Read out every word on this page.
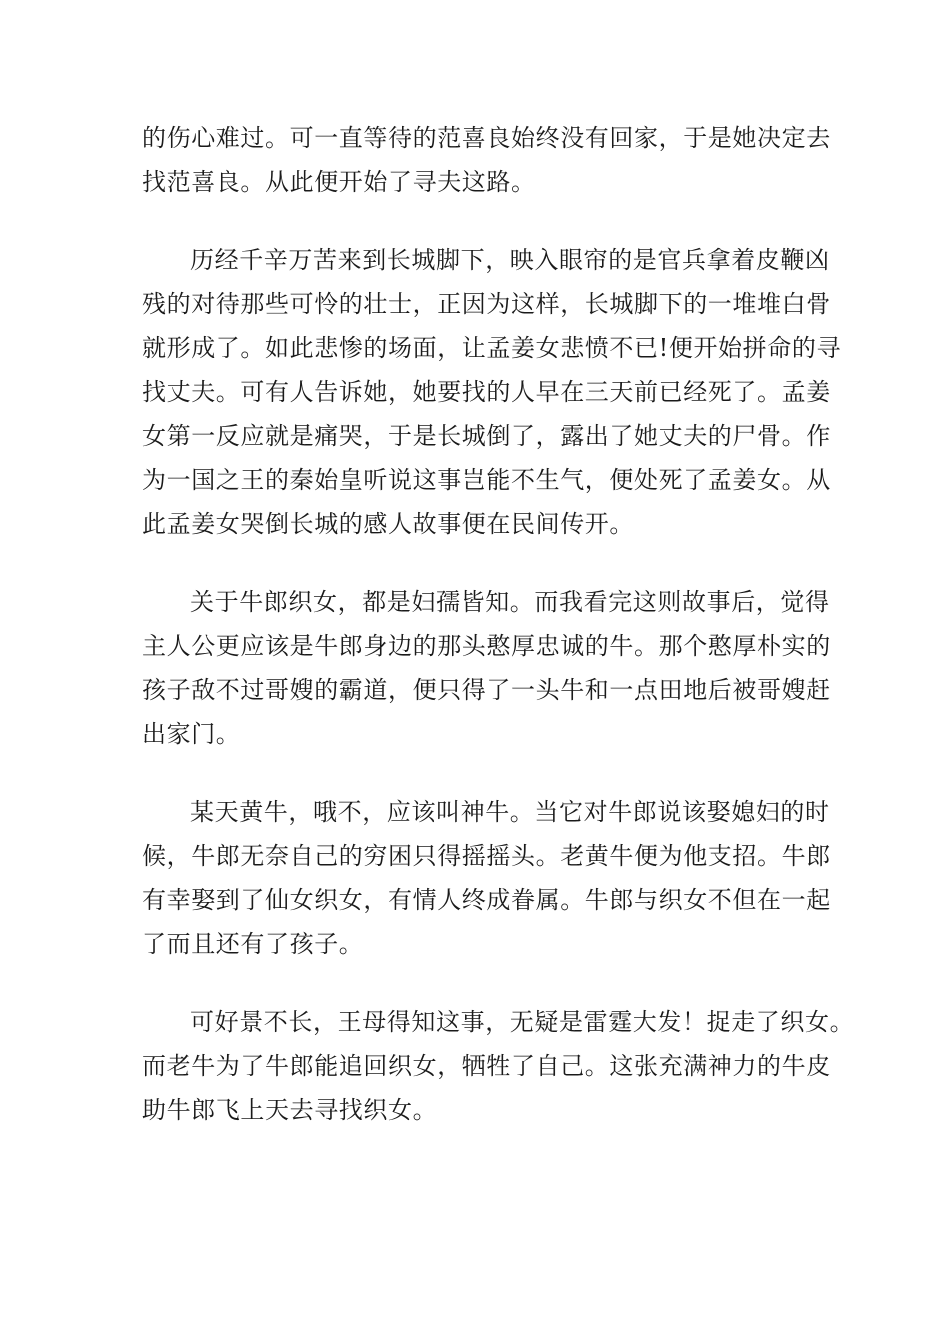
的伤心难过。可一直等待的范喜良始终没有回家，于是她决定去
找范喜良。从此便开始了寻夫这路。

历经千辛万苦来到长城脚下，映入眼帘的是官兵拿着皮鞭凶
残的对待那些可怜的壮士，正因为这样，长城脚下的一堆堆白骨
就形成了。如此悲惨的场面，让孟姜女悲愤不已!便开始拼命的寻
找丈夫。可有人告诉她，她要找的人早在三天前已经死了。孟姜
女第一反应就是痛哭，于是长城倒了，露出了她丈夫的尸骨。作
为一国之王的秦始皇听说这事岂能不生气，便处死了孟姜女。从
此孟姜女哭倒长城的感人故事便在民间传开。

关于牛郎织女，都是妇孺皆知。而我看完这则故事后，觉得
主人公更应该是牛郎身边的那头憨厚忠诚的牛。那个憨厚朴实的
孩子敌不过哥嫂的霸道，便只得了一头牛和一点田地后被哥嫂赶
出家门。

某天黄牛，哦不，应该叫神牛。当它对牛郎说该娶媳妇的时
候，牛郎无奈自己的穷困只得摇摇头。老黄牛便为他支招。牛郎
有幸娶到了仙女织女，有情人终成眷属。牛郎与织女不但在一起
了而且还有了孩子。

可好景不长，王母得知这事，无疑是雷霆大发！捉走了织女。
而老牛为了牛郎能追回织女，牺牲了自己。这张充满神力的牛皮
助牛郎飞上天去寻找织女。
